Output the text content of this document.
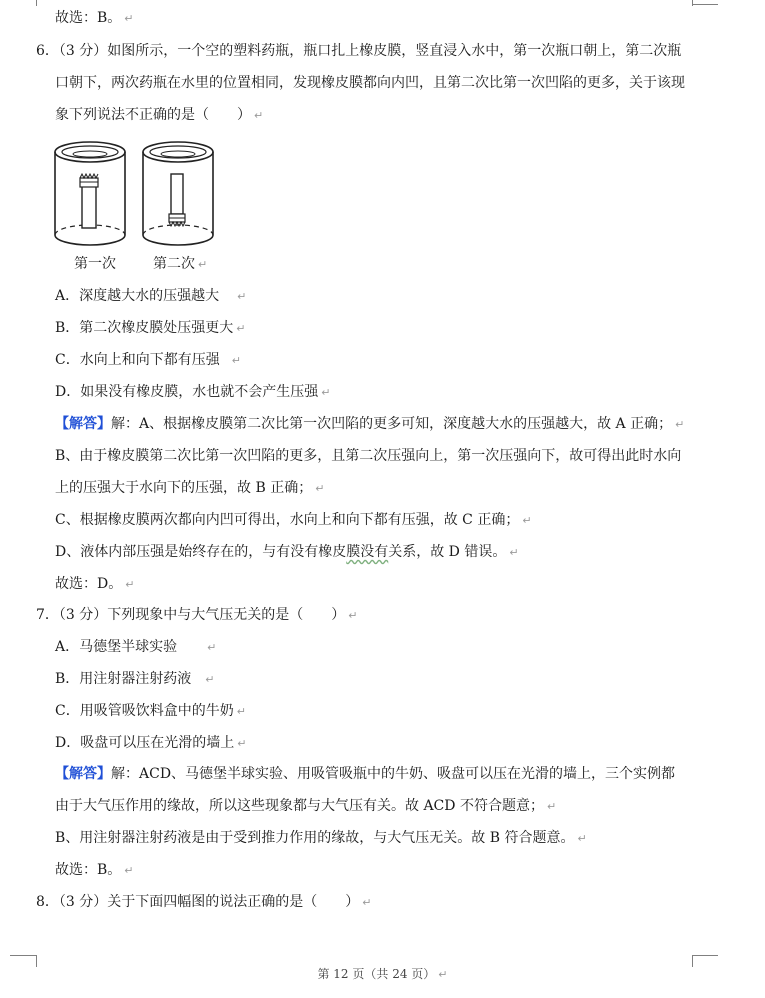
故选：B。 ↵
6．（3 分）如图所示，一个空的塑料药瓶，瓶口扎上橡皮膜，竖直浸入水中，第一次瓶口朝上，第二次瓶
口朝下，两次药瓶在水里的位置相同，发现橡皮膜都向内凹，且第二次比第一次凹陷的更多，关于该现
象下列说法不正确的是（　　） ↵
第一次	第二次 ↵
A．深度越大水的压强越大 ↵
B．第二次橡皮膜处压强更大 ↵
C．水向上和向下都有压强 ↵
D．如果没有橡皮膜，水也就不会产生压强 ↵
【解答】解：A、根据橡皮膜第二次比第一次凹陷的更多可知，深度越大水的压强越大，故 A 正确； ↵
B、由于橡皮膜第二次比第一次凹陷的更多，且第二次压强向上，第一次压强向下，故可得出此时水向
上的压强大于水向下的压强，故 B 正确； ↵
C、根据橡皮膜两次都向内凹可得出，水向上和向下都有压强，故 C 正确； ↵
D、液体内部压强是始终存在的，与有没有橡皮膜没有关系，故 D 错误。 ↵
故选：D。 ↵
7．（3 分）下列现象中与大气压无关的是（　　） ↵
A．马德堡半球实验	↵
B．用注射器注射药液 ↵
C．用吸管吸饮料盒中的牛奶 ↵
D．吸盘可以压在光滑的墙上 ↵
【解答】解：ACD、马德堡半球实验、用吸管吸瓶中的牛奶、吸盘可以压在光滑的墙上，三个实例都
由于大气压作用的缘故，所以这些现象都与大气压有关。故 ACD 不符合题意； ↵
B、用注射器注射药液是由于受到推力作用的缘故，与大气压无关。故 B 符合题意。 ↵
故选：B。 ↵
8．（3 分）关于下面四幅图的说法正确的是（　　） ↵
第 12 页（共 24 页） ↵
